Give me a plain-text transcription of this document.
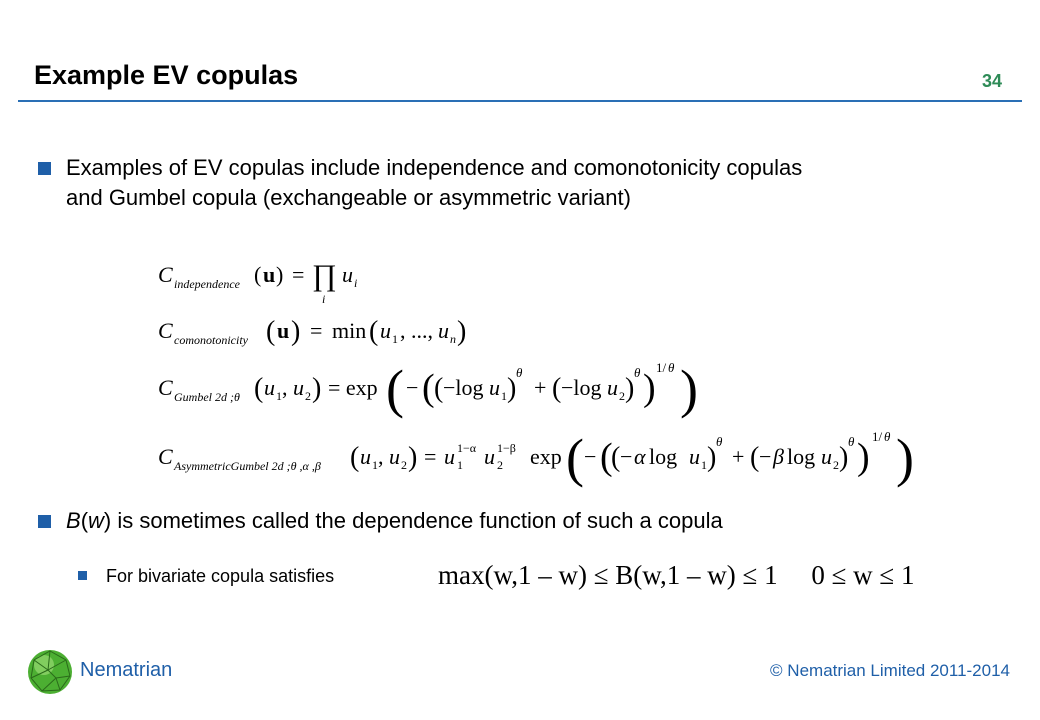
Example EV copulas	34
Examples of EV copulas include independence and comonotonicity copulas
and Gumbel copula (exchangeable or asymmetric variant)
C independence ( u ) = ∏
i
u i
C comonotonicity ( u ) = min ( u 1 , ..., u n )
C Gumbel 2d ;θ ( u 1 , u 2 ) = exp ( − ( ( −log u 1 )
θ
+ ( −log u 2 )
θ ) 1/ θ )
C AsymmetricGumbel 2d ;θ ,α ,β ( u 1 , u 2 ) = u 1
1−α u 2
1−β exp ( − (
( − α log u 1 )
θ
+ ( − β log u 2 )
θ ) 1/ θ )
B(w) is sometimes called the dependence function of such a copula
For bivariate copula satisfies	max(w,1 – w) ≤ B(w,1 – w) ≤ 1     0 ≤ w ≤ 1
Nematrian	© Nematrian Limited 2011-2014
